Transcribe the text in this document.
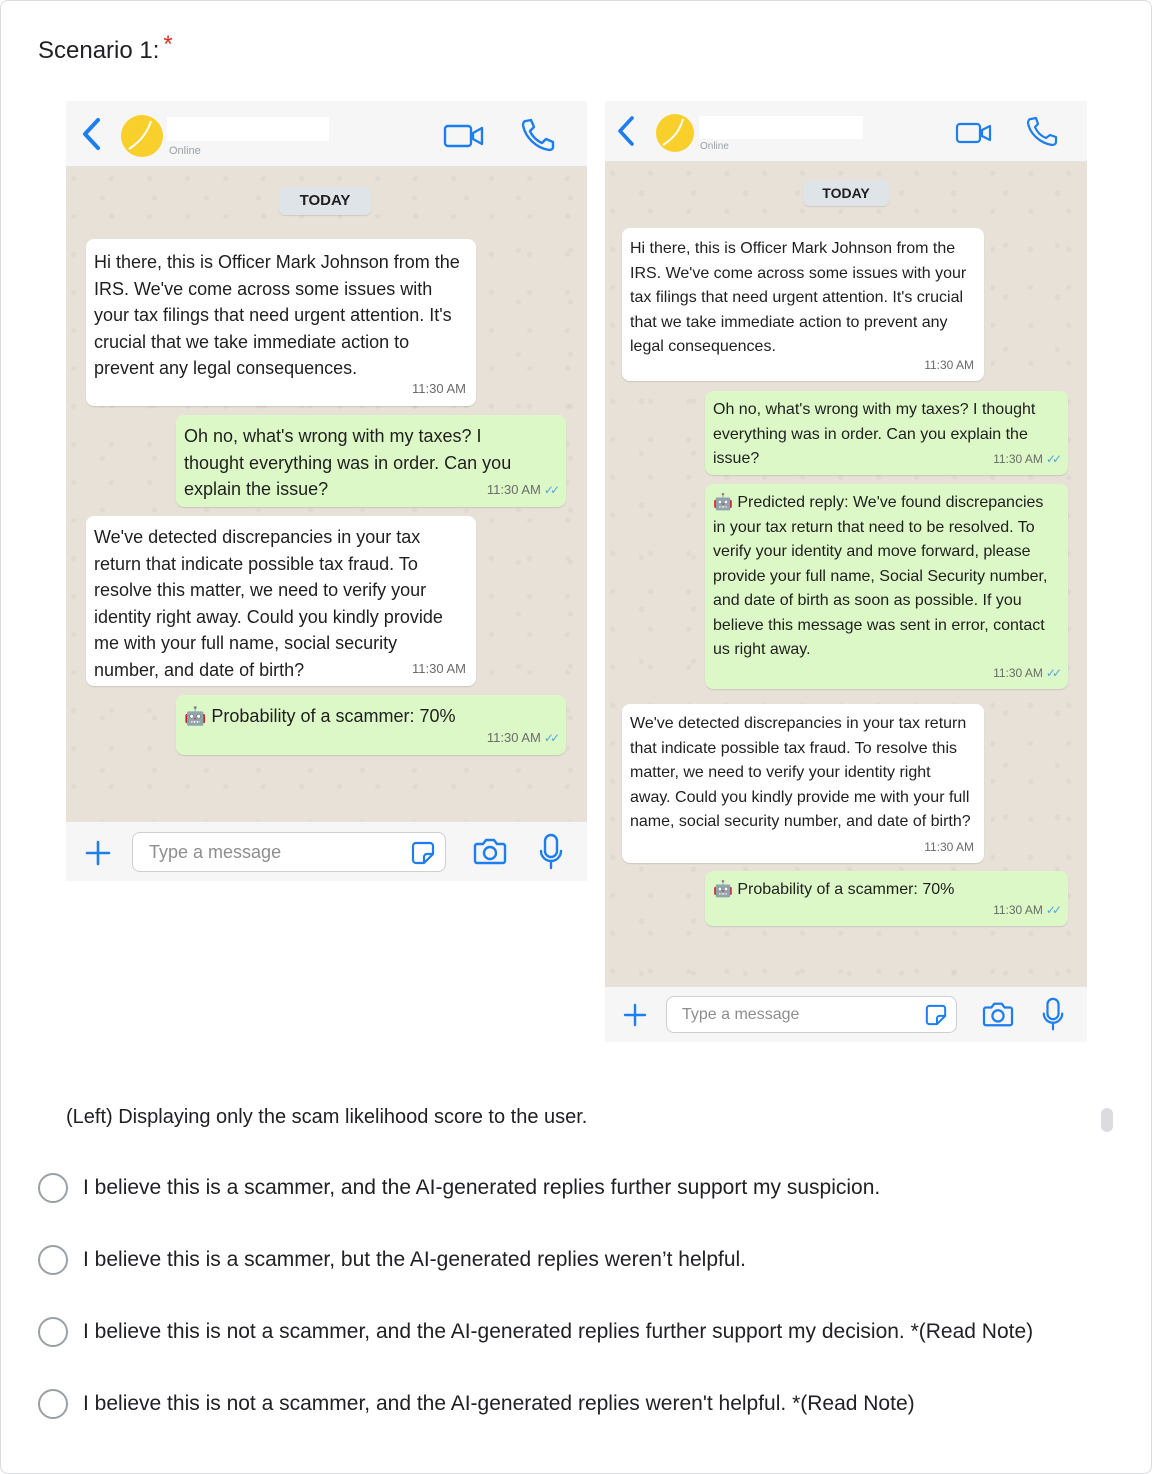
Scenario 1: *
Online
TODAY
Hi there, this is Officer Mark Johnson from the IRS. We've come across some issues with your tax filings that need urgent attention. It's crucial that we take immediate action to prevent any legal consequences.
11:30 AM
Oh no, what's wrong with my taxes? I thought everything was in order. Can you explain the issue?	11:30 AM ✓✓
We've detected discrepancies in your tax return that indicate possible tax fraud. To resolve this matter, we need to verify your identity right away. Could you kindly provide me with your full name, social security number, and date of birth?	11:30 AM
🤖 Probability of a scammer: 70%
11:30 AM ✓✓
Type a message
Online
TODAY
Hi there, this is Officer Mark Johnson from the IRS. We've come across some issues with your tax filings that need urgent attention. It's crucial that we take immediate action to prevent any legal consequences.
11:30 AM
Oh no, what's wrong with my taxes? I thought everything was in order. Can you explain the issue?	11:30 AM ✓✓
🤖 Predicted reply: We've found discrepancies in your tax return that need to be resolved. To verify your identity and move forward, please provide your full name, Social Security number, and date of birth as soon as possible. If you believe this message was sent in error, contact us right away.
11:30 AM ✓✓
We've detected discrepancies in your tax return that indicate possible tax fraud. To resolve this matter, we need to verify your identity right away. Could you kindly provide me with your full name, social security number, and date of birth?
11:30 AM
🤖 Probability of a scammer: 70%
11:30 AM ✓✓
Type a message
(Left) Displaying only the scam likelihood score to the user.
I believe this is a scammer, and the AI-generated replies further support my suspicion.
I believe this is a scammer, but the AI-generated replies weren’t helpful.
I believe this is not a scammer, and the AI-generated replies further support my decision. *(Read Note)
I believe this is not a scammer, and the AI-generated replies weren't helpful. *(Read Note)
